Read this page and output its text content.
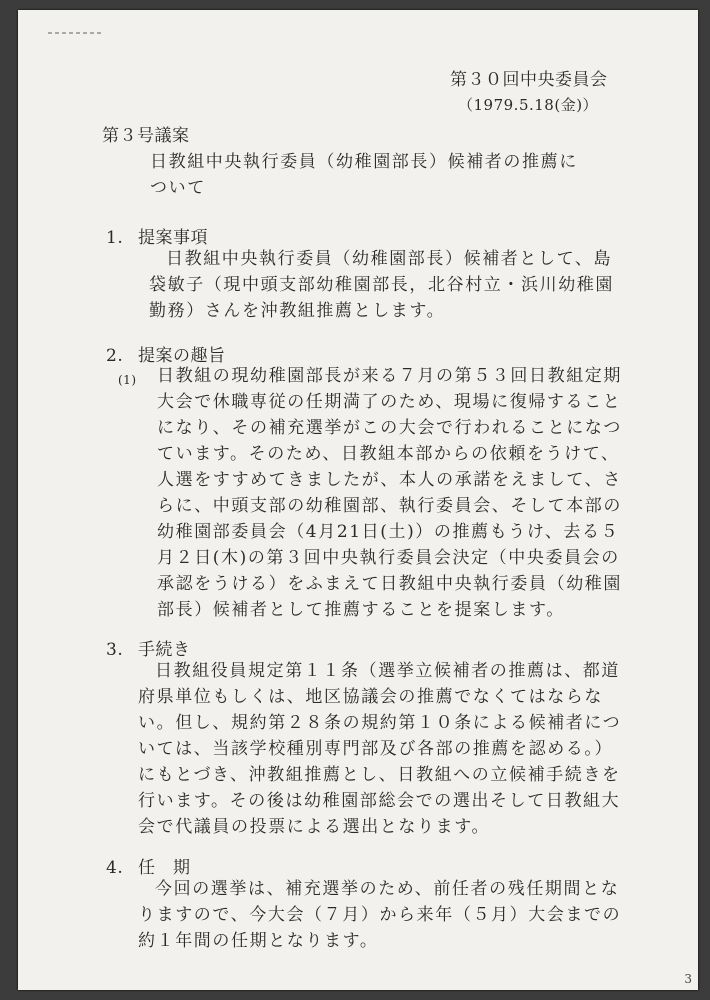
第３０回中央委員会
（1979.5.18(金)）
第３号議案
日教組中央執行委員（幼稚園部長）候補者の推薦に
ついて
1. 提案事項
日教組中央執行委員（幼稚園部長）候補者として、島袋敏子（現中頭支部幼稚園部長，北谷村立・浜川幼稚園勤務）さんを沖教組推薦とします。
2. 提案の趣旨
(1) 日教組の現幼稚園部長が来る７月の第５３回日教組定期大会で休職専従の任期満了のため、現場に復帰することになり、その補充選挙がこの大会で行われることになつています。そのため、日教組本部からの依頼をうけて、人選をすすめてきましたが、本人の承諾をえまして、さらに、中頭支部の幼稚園部、執行委員会、そして本部の幼稚園部委員会（4月21日(土)）の推薦もうけ、去る５月２日(木)の第３回中央執行委員会決定（中央委員会の承認をうける）をふまえて日教組中央執行委員（幼稚園部長）候補者として推薦することを提案します。
3. 手続き
日教組役員規定第１１条（選挙立候補者の推薦は、都道府県単位もしくは、地区協議会の推薦でなくてはならない。但し、規約第２８条の規約第１０条による候補者については、当該学校種別専門部及び各部の推薦を認める。）にもとづき、沖教組推薦とし、日教組への立候補手続きを行います。その後は幼稚園部総会での選出そして日教組大会で代議員の投票による選出となります。
4. 任　期
今回の選挙は、補充選挙のため、前任者の残任期間となりますので、今大会（７月）から来年（５月）大会までの約１年間の任期となります。
3
